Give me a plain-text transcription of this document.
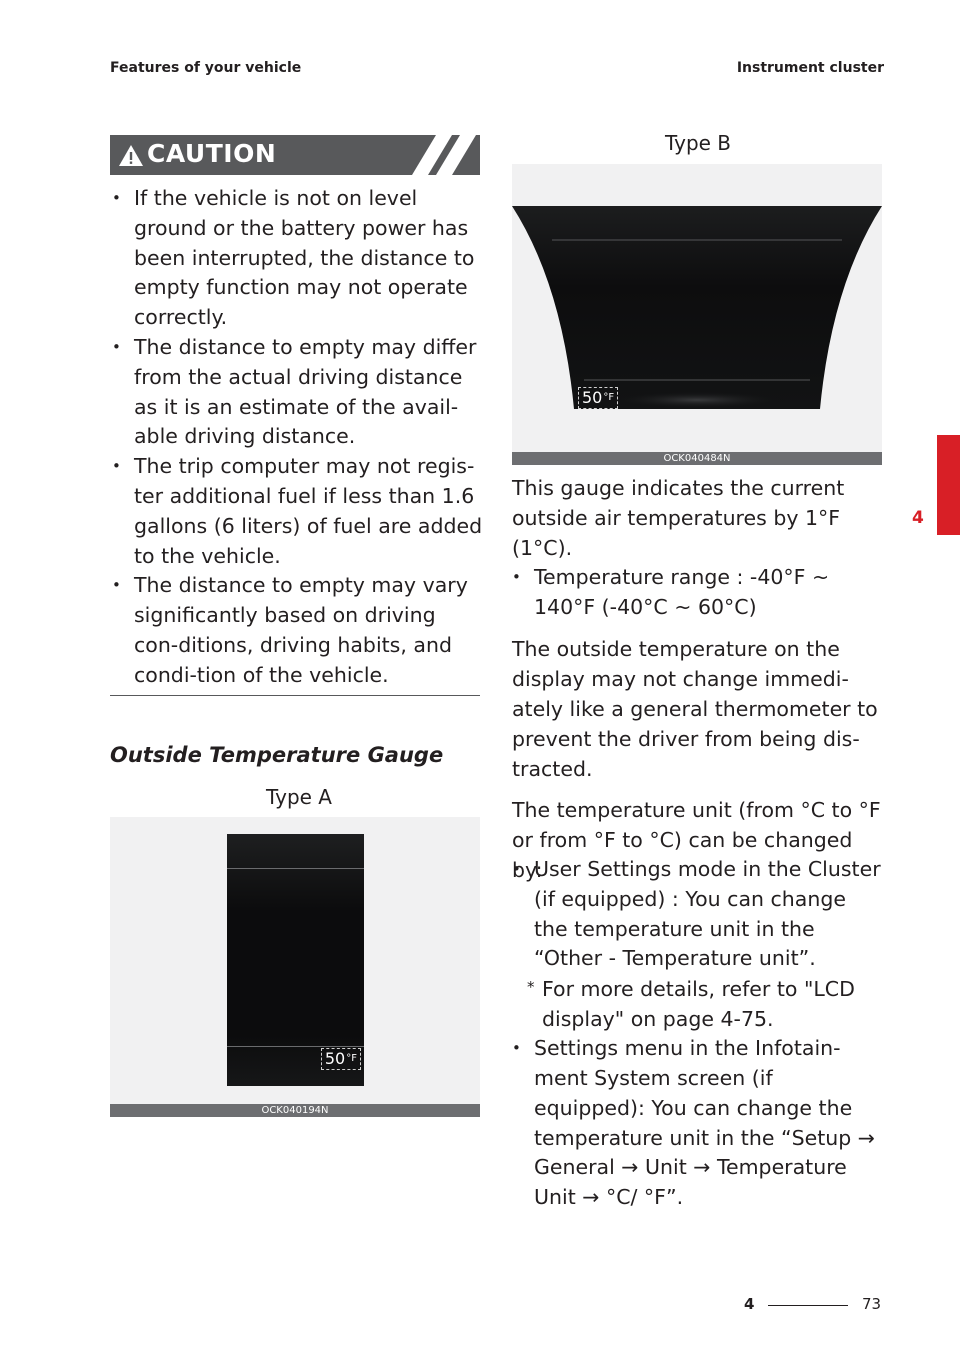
Features of your vehicle	Instrument cluster
CAUTION
• If the vehicle is not on level ground or the battery power has been interrupted, the distance to empty function may not operate correctly.
• The distance to empty may differ from the actual driving distance as it is an estimate of the avail-able driving distance.
• The trip computer may not regis-ter additional fuel if less than 1.6 gallons (6 liters) of fuel are added to the vehicle.
• The distance to empty may vary significantly based on driving con-ditions, driving habits, and condi-tion of the vehicle.
Outside Temperature Gauge
Type A
$50^{^\circ F}$
OCK040194N
Type B
$50^{^\circ F}$
OCK040484N

This gauge indicates the current outside air temperatures by 1°F (1°C).

• Temperature range : -40°F ~ 140°F (-40°C ~ 60°C)

The outside temperature on the display may not change immedi-ately like a general thermometer to prevent the driver from being dis-tracted.

The temperature unit (from °C to °F or from °F to °C) can be changed by:

• User Settings mode in the Cluster (if equipped) : You can change the temperature unit in the “Other - Temperature unit”.
* For more details, refer to "LCD display" on page 4-75.
• Settings menu in the Infotain-ment System screen (if equipped): You can change the temperature unit in the “Setup → General → Unit → Temperature Unit → °C/ °F”.
4
4	73
